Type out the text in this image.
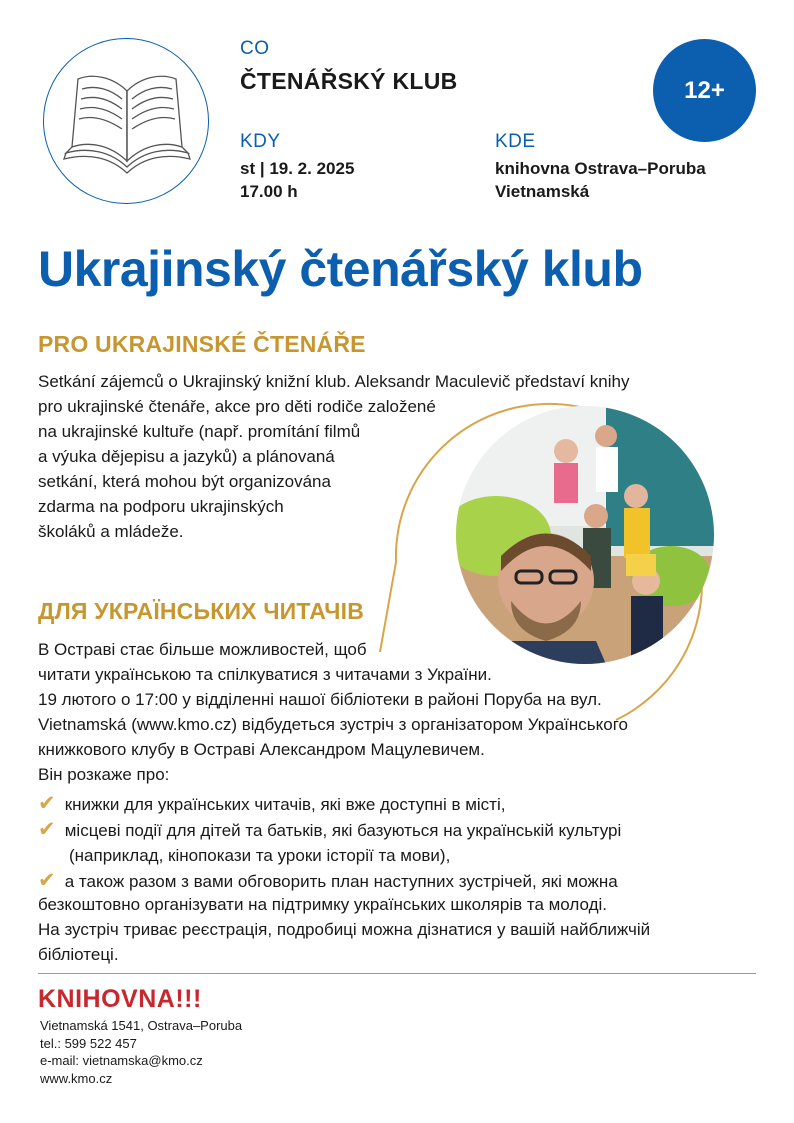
CO
ČTENÁŘSKÝ KLUB
KDY
st | 19. 2. 2025
17.00 h
KDE
knihovna Ostrava–Poruba
Vietnamská
12+
Ukrajinský čtenářský klub
PRO UKRAJINSKÉ ČTENÁŘE
Setkání zájemců o Ukrajinský knižní klub. Aleksandr Maculevič představí knihy
pro ukrajinské čtenáře, akce pro děti rodiče založené
na ukrajinské kultuře (např. promítání filmů
a výuka dějepisu a jazyků) a plánovaná
setkání, která mohou být organizována
zdarma na podporu ukrajinských
školáků a mládeže.
ДЛЯ УКРАЇНСЬКИХ ЧИТАЧІВ
В Остраві стає більше можливостей, щоб
читати українською та спілкуватися з читачами з України.
19 лютого о 17:00 у відділенні нашої бібліотеки в районі Поруба на вул.
Vietnamská (www.kmo.cz) відбудеться зустріч з організатором Українського
книжкового клубу в Остраві Александром Мацулевичем.
Він розкаже про:
✔ книжки для українських читачів, які вже доступні в місті,
✔ місцеві події для дітей та батьків, які базуються на українській культурі
(наприклад, кінопокази та уроки історії та мови),
✔ а також разом з вами обговорить план наступних зустрічей, які можна
безкоштовно організувати на підтримку українських школярів та молоді.
На зустріч триває реєстрація, подробиці можна дізнатися у вашій найближчій
бібліотеці.
KNIHOVNA!!!
Vietnamská 1541, Ostrava–Poruba
tel.: 599 522 457
e-mail: vietnamska@kmo.cz
www.kmo.cz
